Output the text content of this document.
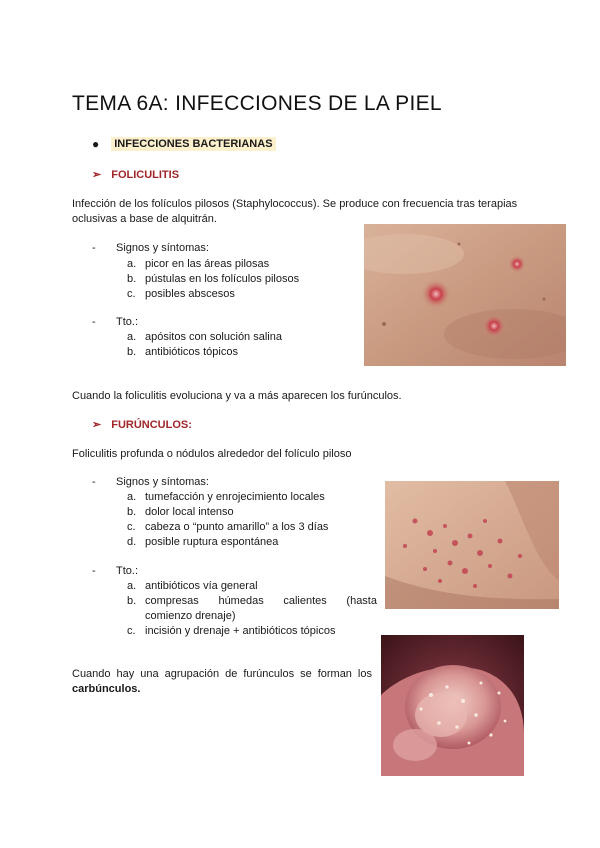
TEMA 6A: INFECCIONES DE LA PIEL
● INFECCIONES BACTERIANAS
➢ FOLICULITIS

Infección de los folículos pilosos (Staphylococcus). Se produce con frecuencia tras terapias oclusivas a base de alquitrán.

-	Signos y síntomas:
a. picor en las áreas pilosas
b. pústulas en los folículos pilosos
c. posibles abscesos
-	Tto.:
a. apósitos con solución salina
b. antibióticos tópicos

Cuando la foliculitis evoluciona y va a más aparecen los furúnculos.

➢ FURÚNCULOS:

Foliculitis profunda o nódulos alrededor del folículo piloso

-	Signos y síntomas:
a. tumefacción y enrojecimiento locales
b. dolor local intenso
c. cabeza o “punto amarillo” a los 3 días
d. posible ruptura espontánea
-	Tto.:
a. antibióticos vía general
b. compresas húmedas calientes (hasta comienzo drenaje)
c. incisión y drenaje + antibióticos tópicos

Cuando hay una agrupación de furúnculos se forman los carbúnculos.
